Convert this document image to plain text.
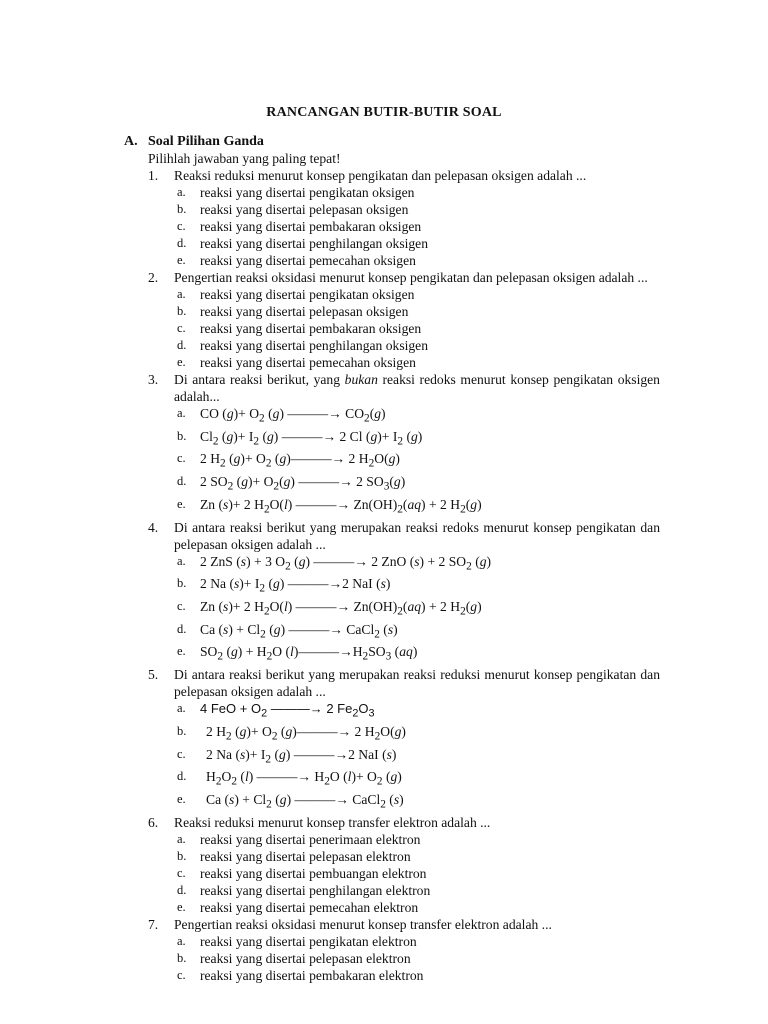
RANCANGAN BUTIR-BUTIR SOAL
A. Soal Pilihan Ganda
Pilihlah jawaban yang paling tepat!
1.	Reaksi reduksi menurut konsep pengikatan dan pelepasan oksigen adalah ...
a. reaksi yang disertai pengikatan oksigen
b. reaksi yang disertai pelepasan oksigen
c. reaksi yang disertai pembakaran oksigen
d. reaksi yang disertai penghilangan oksigen
e. reaksi yang disertai pemecahan oksigen
2.	Pengertian reaksi oksidasi menurut konsep pengikatan dan pelepasan oksigen adalah ...
a. reaksi yang disertai pengikatan oksigen
b. reaksi yang disertai pelepasan oksigen
c. reaksi yang disertai pembakaran oksigen
d. reaksi yang disertai penghilangan oksigen
e. reaksi yang disertai pemecahan oksigen
3.	Di antara reaksi berikut, yang bukan reaksi redoks menurut konsep pengikatan oksigen adalah...
a. CO $(g)+ O_2$ (g) ———→ $CO_2(g)$
b. $Cl_2$ $(g)+ I_2$ (g) ———→ 2 Cl $(g)+ I_2$ (g)
c. 2 $H_2$ $(g)+ O_2$ (g)———→ 2 $H_2O(g)$
d. 2 $SO_2$ $(g)+ O_2(g)$ ———→ 2 $SO_3(g)$
e. Zn (s)+ 2 $H_2O(l)$ ———→ $Zn(OH)_2(aq) + 2$ $H_2(g)$
4.	Di antara reaksi berikut yang merupakan reaksi redoks menurut konsep pengikatan dan pelepasan oksigen adalah ...
a. 2 ZnS (s) + 3 $O_2$ (g) ———→ 2 ZnO (s) + 2 $SO_2$ (g)
b. 2 Na $(s)+ I_2$ (g) ———→2 NaI (s)
c. Zn (s)+ 2 $H_2O(l)$ ———→ $Zn(OH)_2(aq) + 2$ $H_2(g)$
d. Ca $(s) + Cl_2$ (g) ———→ CaCl$_2$ (s)
e. $SO_2$ $(g) + H_2O$ $(l)———\to H_2SO_3$ (aq)
5.	Di antara reaksi berikut yang merupakan reaksi reduksi menurut konsep pengikatan dan pelepasan oksigen adalah ...
a. 4 FeO + $O_2$ ———→ 2 $Fe_2O_3$
b. 2 $H_2$ $(g)+ O_2$ (g)———→ 2 $H_2O(g)$
c. 2 Na $(s)+ I_2$ (g) ———→2 NaI (s)
d. $H_2O_2$ (l) ———→ $H_2O$ $(l)+ O_2$ (g)
e. Ca $(s) + Cl_2$ (g) ———→ CaCl$_2$ (s)
6.	Reaksi reduksi menurut konsep transfer elektron adalah ...
a. reaksi yang disertai penerimaan elektron
b. reaksi yang disertai pelepasan elektron
c. reaksi yang disertai pembuangan elektron
d. reaksi yang disertai penghilangan elektron
e. reaksi yang disertai pemecahan elektron
7.	Pengertian reaksi oksidasi menurut konsep transfer elektron adalah ...
a. reaksi yang disertai pengikatan elektron
b. reaksi yang disertai pelepasan elektron
c. reaksi yang disertai pembakaran elektron
